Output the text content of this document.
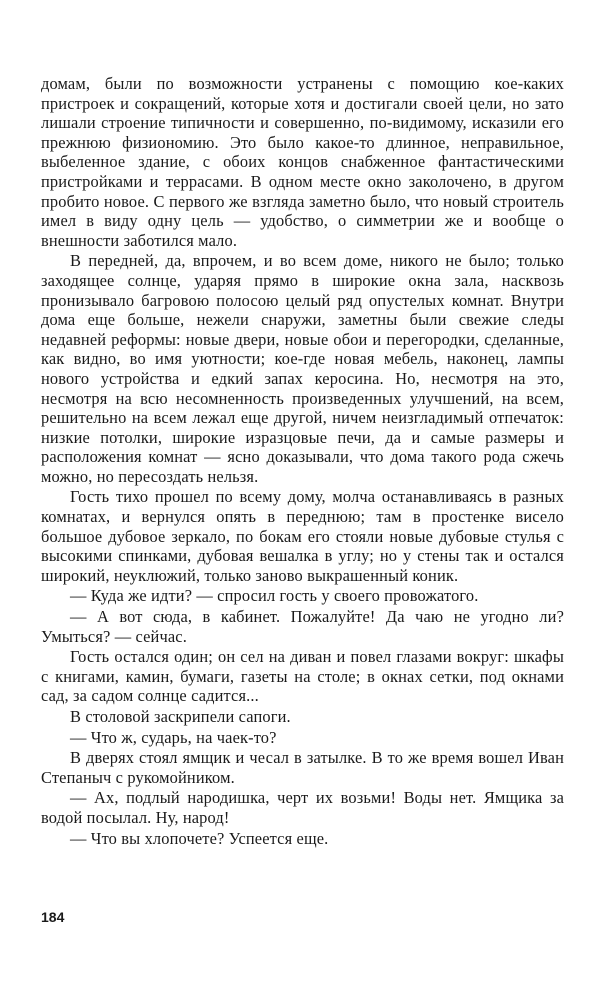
домам, были по возможности устранены с помощию кое-каких пристроек и сокращений, которые хотя и достигали своей цели, но зато лишали строение типичности и совершенно, по-видимому, исказили его прежнюю физиономию. Это было какое-то длинное, неправильное, выбеленное здание, с обоих концов снабженное фантастическими пристройками и террасами. В одном месте окно заколочено, в другом пробито новое. С первого же взгляда заметно было, что новый строитель имел в виду одну цель — удобство, о симметрии же и вообще о внешности заботился мало.

В передней, да, впрочем, и во всем доме, никого не было; только заходящее солнце, ударяя прямо в широкие окна зала, насквозь пронизывало багровою полосою целый ряд опустелых комнат. Внутри дома еще больше, нежели снаружи, заметны были свежие следы недавней реформы: новые двери, новые обои и перегородки, сделанные, как видно, во имя уютности; кое-где новая мебель, наконец, лампы нового устройства и едкий запах керосина. Но, несмотря на это, несмотря на всю несомненность произведенных улучшений, на всем, решительно на всем лежал еще другой, ничем неизгладимый отпечаток: низкие потолки, широкие изразцовые печи, да и самые размеры и расположения комнат — ясно доказывали, что дома такого рода сжечь можно, но пересоздать нельзя.

Гость тихо прошел по всему дому, молча останавливаясь в разных комнатах, и вернулся опять в переднюю; там в простенке висело большое дубовое зеркало, по бокам его стояли новые дубовые стулья с высокими спинками, дубовая вешалка в углу; но у стены так и остался широкий, неуклюжий, только заново выкрашенный коник.

— Куда же идти? — спросил гость у своего провожатого.

— А вот сюда, в кабинет. Пожалуйте! Да чаю не угодно ли? Умыться? — сейчас.

Гость остался один; он сел на диван и повел глазами вокруг: шкафы с книгами, камин, бумаги, газеты на столе; в окнах сетки, под окнами сад, за садом солнце садится...

В столовой заскрипели сапоги.

— Что ж, сударь, на чаек-то?

В дверях стоял ямщик и чесал в затылке. В то же время вошел Иван Степаныч с рукомойником.

— Ах, подлый народишка, черт их возьми! Воды нет. Ямщика за водой посылал. Ну, народ!

— Что вы хлопочете? Успеется еще.

184
